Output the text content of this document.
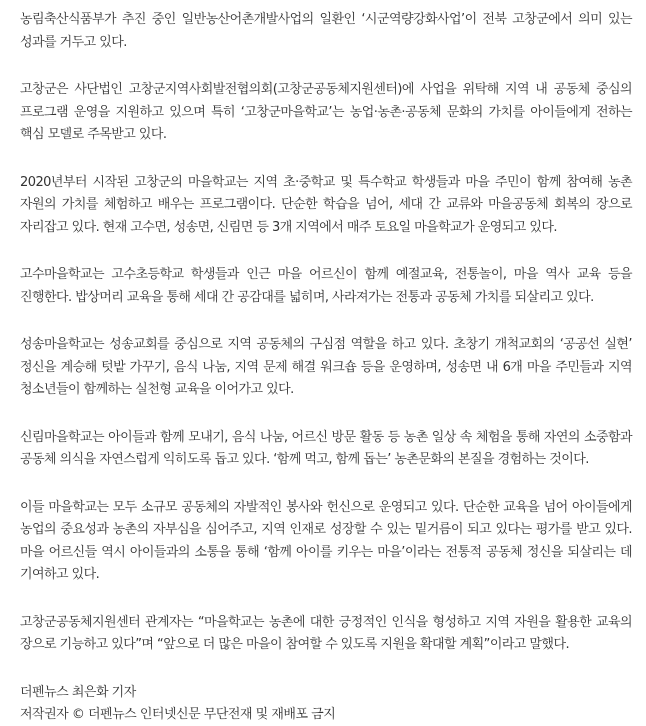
농림축산식품부가 추진 중인 일반농산어촌개발사업의 일환인 ‘시군역량강화사업’이 전북 고창군에서 의미 있는 성과를 거두고 있다.

고창군은 사단법인 고창군지역사회발전협의회(고창군공동체지원센터)에 사업을 위탁해 지역 내 공동체 중심의 프로그램 운영을 지원하고 있으며 특히 ‘고창군마을학교’는 농업·농촌·공동체 문화의 가치를 아이들에게 전하는 핵심 모델로 주목받고 있다.

2020년부터 시작된 고창군의 마을학교는 지역 초·중학교 및 특수학교 학생들과 마을 주민이 함께 참여해 농촌 자원의 가치를 체험하고 배우는 프로그램이다. 단순한 학습을 넘어, 세대 간 교류와 마을공동체 회복의 장으로 자리잡고 있다. 현재 고수면, 성송면, 신림면 등 3개 지역에서 매주 토요일 마을학교가 운영되고 있다.

고수마을학교는 고수초등학교 학생들과 인근 마을 어르신이 함께 예절교육, 전통놀이, 마을 역사 교육 등을 진행한다. 밥상머리 교육을 통해 세대 간 공감대를 넓히며, 사라져가는 전통과 공동체 가치를 되살리고 있다.

성송마을학교는 성송교회를 중심으로 지역 공동체의 구심점 역할을 하고 있다. 초창기 개척교회의 ‘공공선 실현’ 정신을 계승해 텃밭 가꾸기, 음식 나눔, 지역 문제 해결 워크숍 등을 운영하며, 성송면 내 6개 마을 주민들과 지역 청소년들이 함께하는 실천형 교육을 이어가고 있다.

신림마을학교는 아이들과 함께 모내기, 음식 나눔, 어르신 방문 활동 등 농촌 일상 속 체험을 통해 자연의 소중함과 공동체 의식을 자연스럽게 익히도록 돕고 있다. ‘함께 먹고, 함께 돕는’ 농촌문화의 본질을 경험하는 것이다.

이들 마을학교는 모두 소규모 공동체의 자발적인 봉사와 헌신으로 운영되고 있다. 단순한 교육을 넘어 아이들에게 농업의 중요성과 농촌의 자부심을 심어주고, 지역 인재로 성장할 수 있는 밑거름이 되고 있다는 평가를 받고 있다. 마을 어르신들 역시 아이들과의 소통을 통해 ‘함께 아이를 키우는 마을’이라는 전통적 공동체 정신을 되살리는 데 기여하고 있다.

고창군공동체지원센터 관계자는 “마을학교는 농촌에 대한 긍정적인 인식을 형성하고 지역 자원을 활용한 교육의 장으로 기능하고 있다”며 “앞으로 더 많은 마을이 참여할 수 있도록 지원을 확대할 계획”이라고 말했다.

더펜뉴스 최은화 기자

저작권자 © 더펜뉴스 인터넷신문 무단전재 및 재배포 금지
